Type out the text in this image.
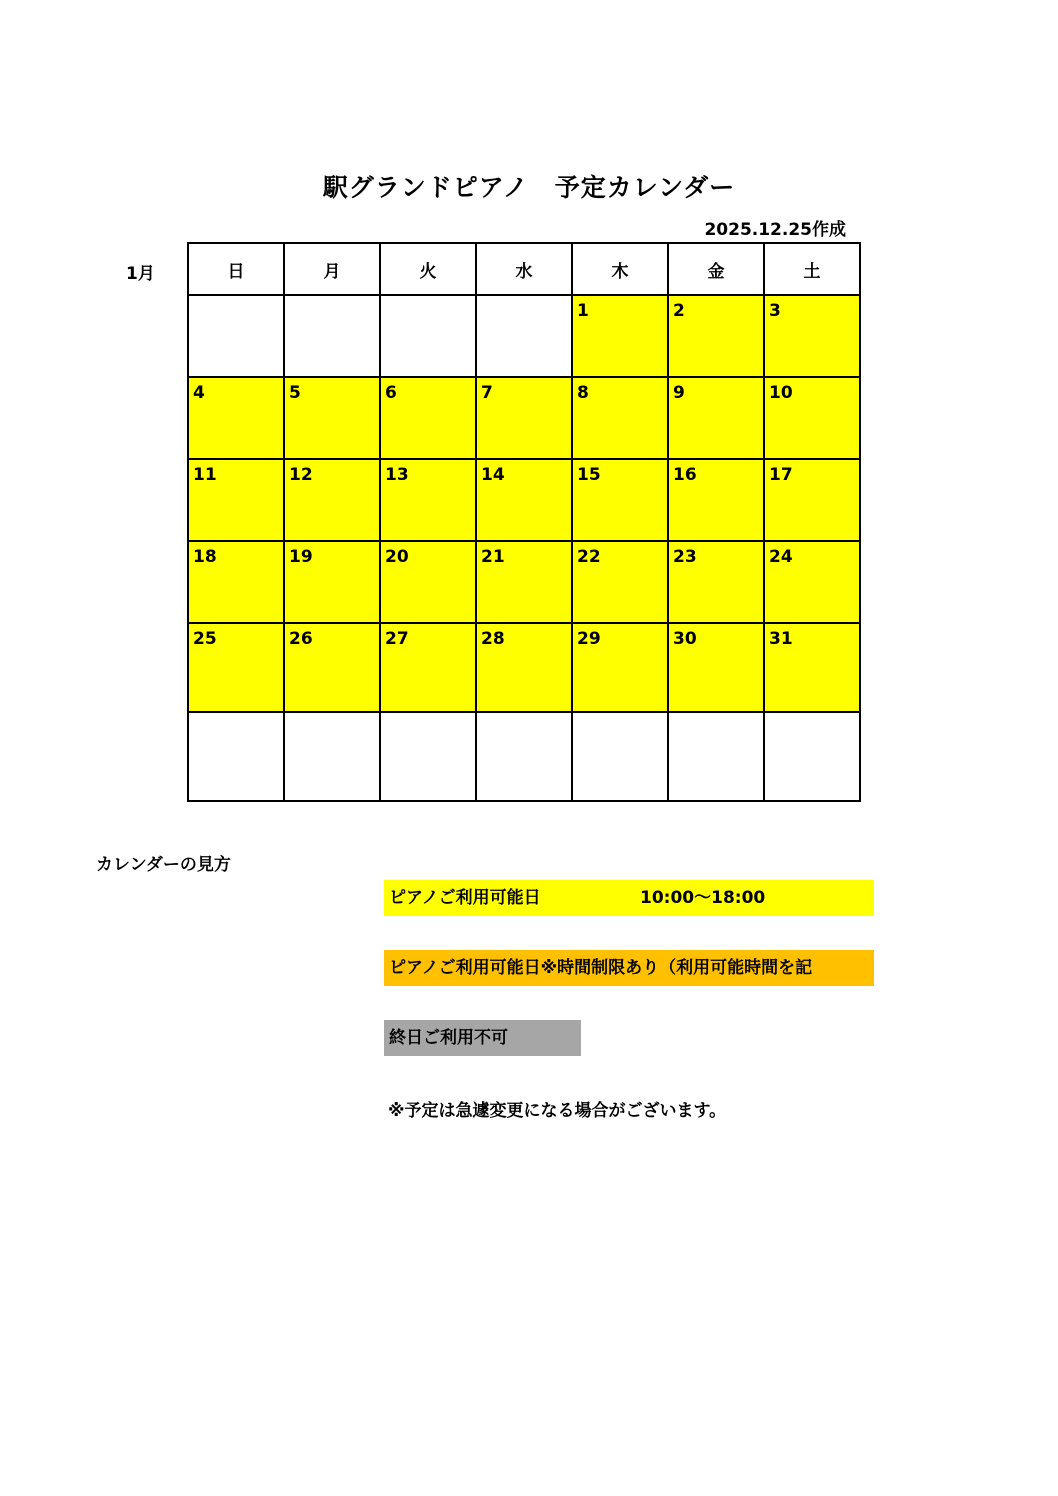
駅グランドピアノ　予定カレンダー
2025.12.25作成
1月	日	月	火	水	木	金	土

				1	2	3

4	5	6	7	8	9	10

11	12	13	14	15	16	17

18	19	20	21	22	23	24

25	26	27	28	29	30	31

カレンダーの見方
ピアノご利用可能日	10:00～18:00
ピアノご利用可能日※時間制限あり（利用可能時間を記
終日ご利用不可
※予定は急遽変更になる場合がございます。
